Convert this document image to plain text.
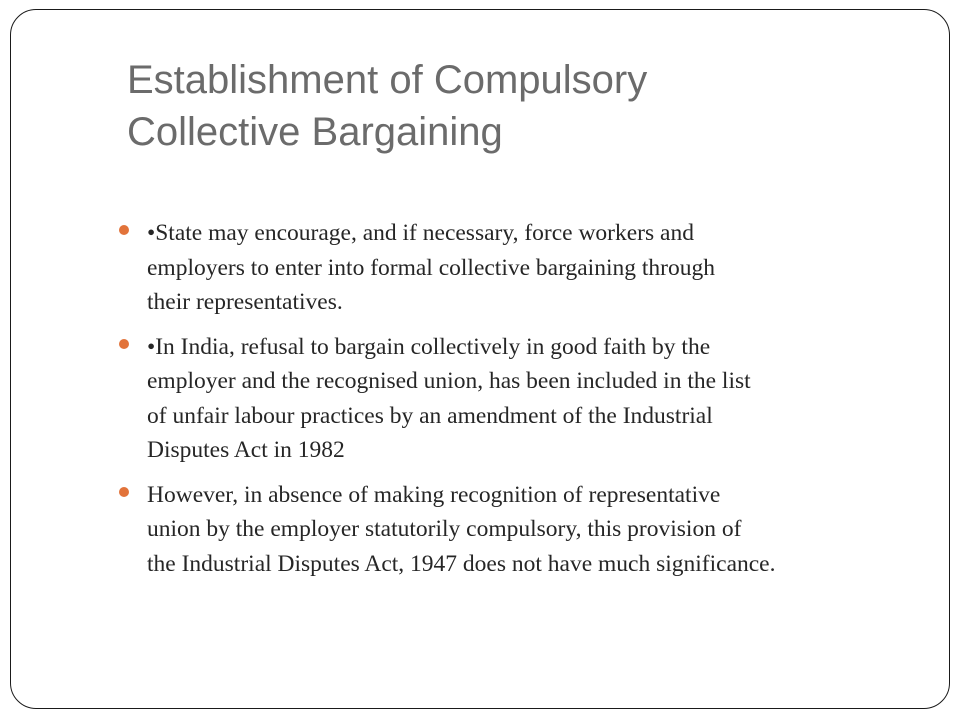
Establishment of Compulsory
Collective Bargaining
•State may encourage, and if necessary, force workers and
employers to enter into formal collective bargaining through
their representatives.
•In India, refusal to bargain collectively in good faith by the
employer and the recognised union, has been included in the list
of unfair labour practices by an amendment of the Industrial
Disputes Act in 1982
However, in absence of making recognition of representative
union by the employer statutorily compulsory, this provision of
the Industrial Disputes Act, 1947 does not have much significance.
